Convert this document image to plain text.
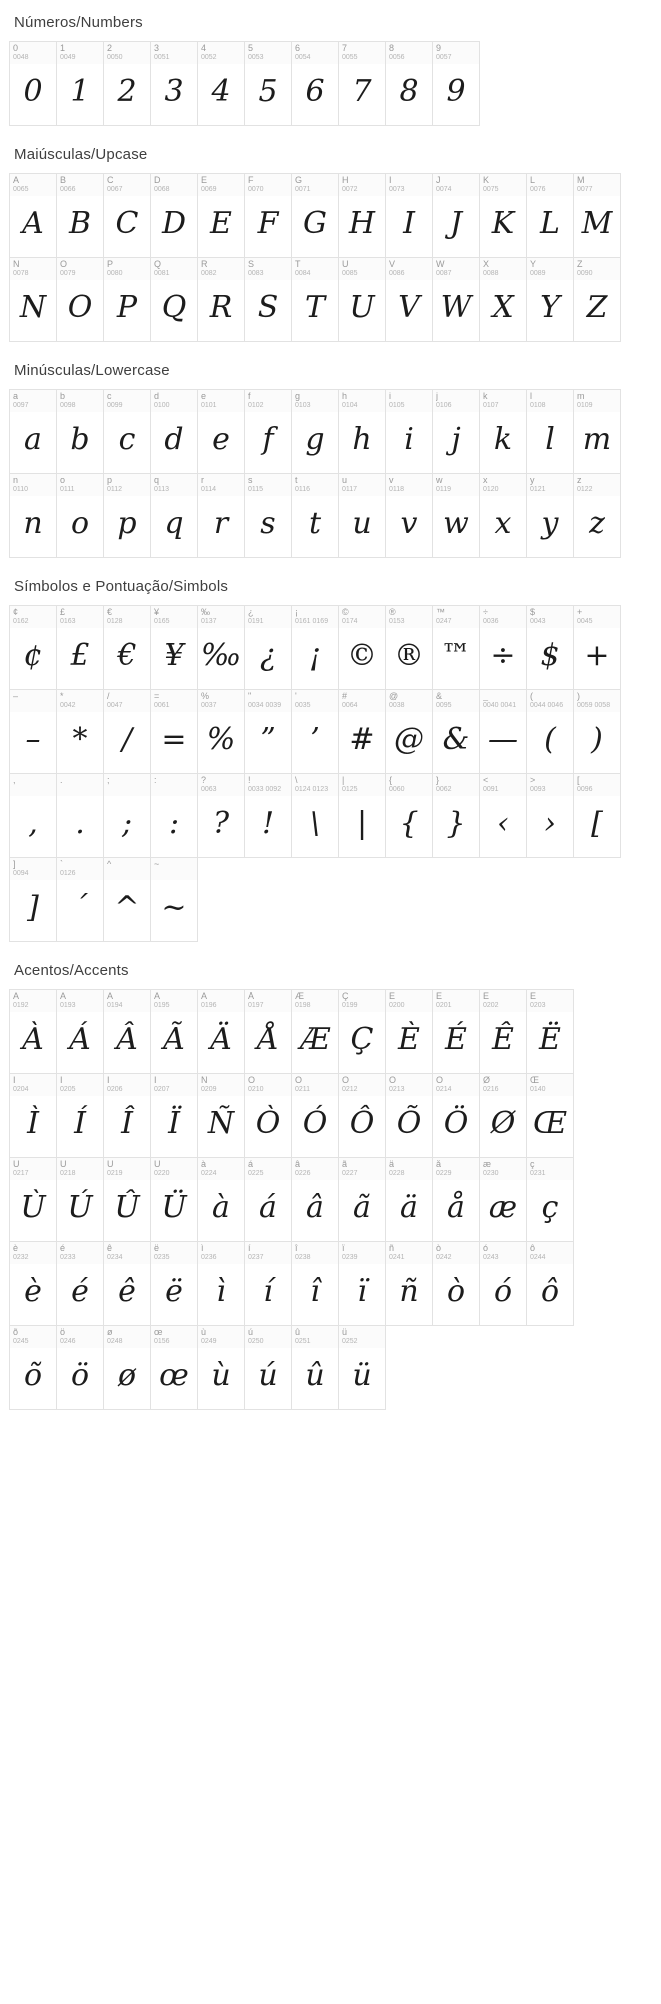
Números/Numbers
0
0048
0
1
0049
1
2
0050
2
3
0051
3
4
0052
4
5
0053
5
6
0054
6
7
0055
7
8
0056
8
9
0057
9
Maiúsculas/Upcase
A
0065
A
B
0066
B
C
0067
C
D
0068
D
E
0069
E
F
0070
F
G
0071
G
H
0072
H
I
0073
I
J
0074
J
K
0075
K
L
0076
L
M
0077
M
N
0078
N
O
0079
O
P
0080
P
Q
0081
Q
R
0082
R
S
0083
S
T
0084
T
U
0085
U
V
0086
V
W
0087
W
X
0088
X
Y
0089
Y
Z
0090
Z
Minúsculas/Lowercase
a
0097
a
b
0098
b
c
0099
c
d
0100
d
e
0101
e
f
0102
f
g
0103
g
h
0104
h
i
0105
i
j
0106
j
k
0107
k
l
0108
l
m
0109
m
n
0110
n
o
0111
o
p
0112
p
q
0113
q
r
0114
r
s
0115
s
t
0116
t
u
0117
u
v
0118
v
w
0119
w
x
0120
x
y
0121
y
z
0122
z
Símbolos e Pontuação/Simbols
¢
0162
¢
£
0163
£
€
0128
€
¥
0165
¥
‰
0137
‰
¿
0191
¿
¡
0161 0169
¡
©
0174
©
®
0153
®
™
0247
™
÷
0036
÷
$
0043
$
+
0045
+
–
–
*
0042
*
/
0047
/
=
0061
=
%
0037
%
"
0034 0039
”
'
0035
’
#
0064
#
@
0038
@
&
0095
&
_
0040 0041
—
(
0044 0046
(
)
0059 0058
)
,
,
.
.
;
;
:
:
?
0063
?
!
0033 0092
!
\
0124 0123
\
|
0125
|
{
0060
{
}
0062
}
<
0091
‹
>
0093
›
[
0096
[
]
0094
]
`
0126
´
^
^
~
~
Acentos/Accents
À
0192
À
Á
0193
Á
Â
0194
Â
Ã
0195
Ã
Ä
0196
Ä
Å
0197
Å
Æ
0198
Æ
Ç
0199
Ç
È
0200
È
É
0201
É
Ê
0202
Ê
Ë
0203
Ë
Ì
0204
Ì
Í
0205
Í
Î
0206
Î
Ï
0207
Ï
Ñ
0209
Ñ
Ò
0210
Ò
Ó
0211
Ó
Ô
0212
Ô
Õ
0213
Õ
Ö
0214
Ö
Ø
0216
Ø
Œ
0140
Œ
Ù
0217
Ù
Ú
0218
Ú
Û
0219
Û
Ü
0220
Ü
à
0224
à
á
0225
á
â
0226
â
ã
0227
ã
ä
0228
ä
å
0229
å
æ
0230
æ
ç
0231
ç
è
0232
è
é
0233
é
ê
0234
ê
ë
0235
ë
ì
0236
ì
í
0237
í
î
0238
î
ï
0239
ï
ñ
0241
ñ
ò
0242
ò
ó
0243
ó
ô
0244
ô
õ
0245
õ
ö
0246
ö
ø
0248
ø
œ
0156
œ
ù
0249
ù
ú
0250
ú
û
0251
û
ü
0252
ü
